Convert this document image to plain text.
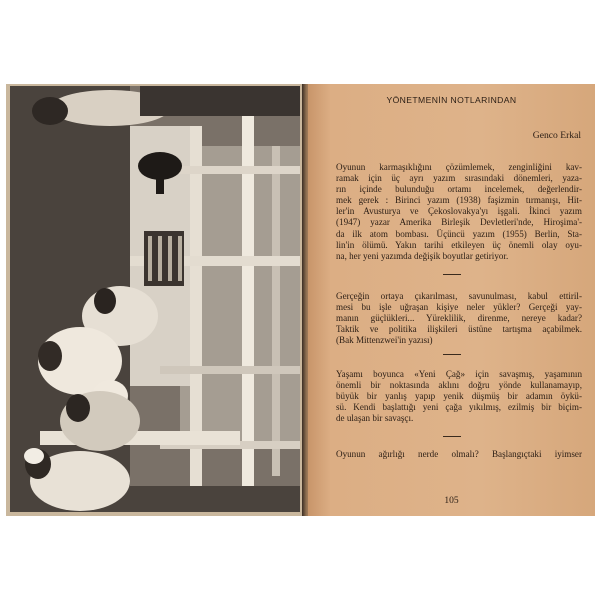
YÖNETMENİN NOTLARINDAN
Genco Erkal
Oyunun karmaşıklığını çözümlemek, zenginliğini kav-
ramak için üç ayrı yazım sırasındaki dönemleri, yaza-
rın içinde bulunduğu ortamı incelemek, değerlendir-
mek gerek : Birinci yazım (1938) faşizmin tırmanışı, Hit-
ler'in Avusturya ve Çekoslovakya'yı işgali. İkinci yazım
(1947) yazar Amerika Birleşik Devletleri'nde, Hiroşima'-
da ilk atom bombası. Üçüncü yazım (1955) Berlin, Sta-
lin'in ölümü. Yakın tarihi etkileyen üç önemli olay oyu-
na, her yeni yazımda değişik boyutlar getiriyor.
Gerçeğin ortaya çıkarılması, savunulması, kabul ettiril-
mesi bu işle uğraşan kişiye neler yükler? Gerçeği yay-
manın güçlükleri... Yüreklilik, direnme, nereye kadar?
Taktik ve politika ilişkileri üstüne tartışma açabilmek.
(Bak Mittenzwei'in yazısı)
Yaşamı boyunca «Yeni Çağ» için savaşmış, yaşamının
önemli bir noktasında aklını doğru yönde kullanamayıp,
büyük bir yanlış yapıp yenik düşmüş bir adamın öykü-
sü. Kendi başlattığı yeni çağa yıkılmış, ezilmiş bir biçim-
de ulaşan bir savaşçı.
Oyunun ağırlığı nerde olmalı? Başlangıçtaki iyimser
105
